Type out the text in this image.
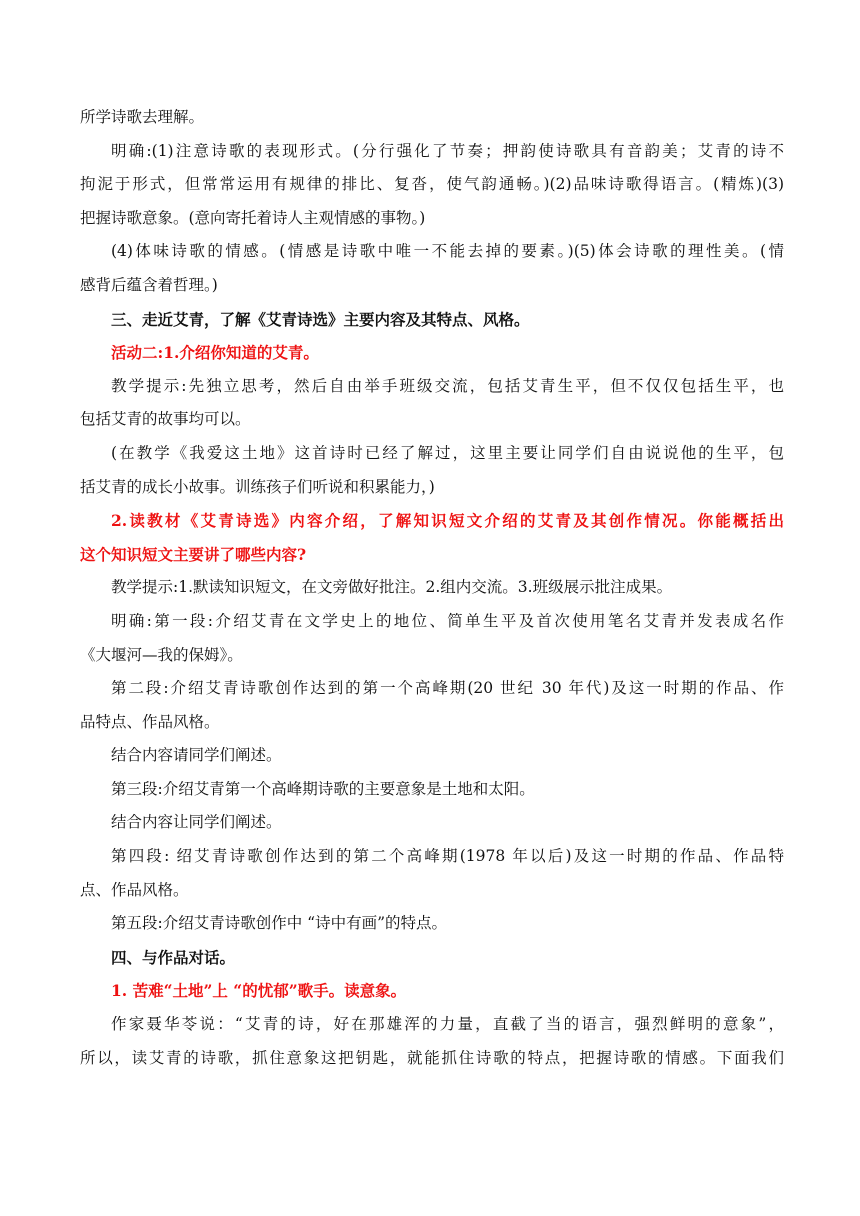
所学诗歌去理解。
明确:(1)注意诗歌的表现形式。(分行强化了节奏；押韵使诗歌具有音韵美；艾青的诗不
拘泥于形式，但常常运用有规律的排比、复沓，使气韵通畅。)(2)品味诗歌得语言。(精炼)(3)
把握诗歌意象。(意向寄托着诗人主观情感的事物。)
(4)体味诗歌的情感。(情感是诗歌中唯一不能去掉的要素。)(5)体会诗歌的理性美。(情
感背后蕴含着哲理。)
三、走近艾青，了解《艾青诗选》主要内容及其特点、风格。
活动二:1.介绍你知道的艾青。
教学提示:先独立思考，然后自由举手班级交流，包括艾青生平，但不仅仅包括生平，也
包括艾青的故事均可以。
(在教学《我爱这土地》这首诗时已经了解过，这里主要让同学们自由说说他的生平，包
括艾青的成长小故事。训练孩子们听说和积累能力，)
2.读教材《艾青诗选》内容介绍，了解知识短文介绍的艾青及其创作情况。你能概括出
这个知识短文主要讲了哪些内容?
教学提示:1.默读知识短文，在文旁做好批注。2.组内交流。3.班级展示批注成果。
明确:第一段:介绍艾青在文学史上的地位、简单生平及首次使用笔名艾青并发表成名作
《大堰河—我的保姆》。
第二段:介绍艾青诗歌创作达到的第一个高峰期(20 世纪 30 年代)及这一时期的作品、作
品特点、作品风格。
结合内容请同学们阐述。
第三段:介绍艾青第一个高峰期诗歌的主要意象是土地和太阳。
结合内容让同学们阐述。
第四段: 绍艾青诗歌创作达到的第二个高峰期(1978 年以后)及这一时期的作品、作品特
点、作品风格。
第五段:介绍艾青诗歌创作中 “诗中有画”的特点。
四、与作品对话。
1. 苦难“土地”上 “的忧郁”歌手。读意象。
作家聂华苓说：“艾青的诗，好在那雄浑的力量，直截了当的语言，强烈鲜明的意象”，
所以，读艾青的诗歌，抓住意象这把钥匙，就能抓住诗歌的特点，把握诗歌的情感。下面我们
